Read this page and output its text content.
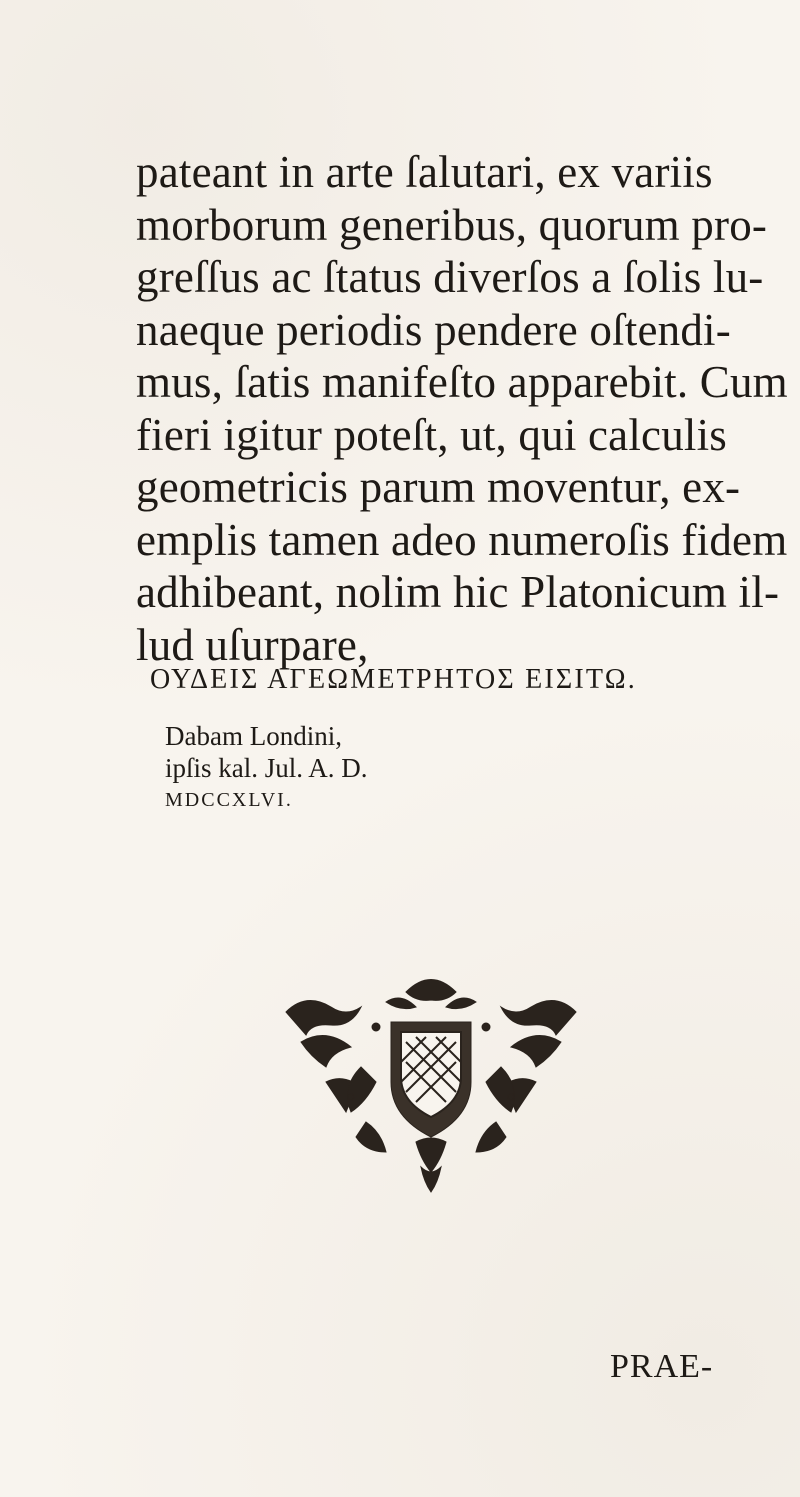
pateant in arte ſalutari, ex variis
morborum generibus, quorum pro-
greſſus ac ſtatus diverſos a ſolis lu-
naeque periodis pendere oſtendi-
mus, ſatis manifeſto apparebit. Cum
fieri igitur poteſt, ut, qui calculis
geometricis parum moventur, ex-
emplis tamen adeo numeroſis fidem
adhibeant, nolim hic Platonicum il-
lud uſurpare,
ΟΥΔΕΙΣ ΑΓΕΩΜΕΤΡΗΤΟΣ ΕΙΣΙΤΩ.
Dabam Londini,
ipſis kal. Jul. A. D.
MDCCXLVI.
PRAE-
